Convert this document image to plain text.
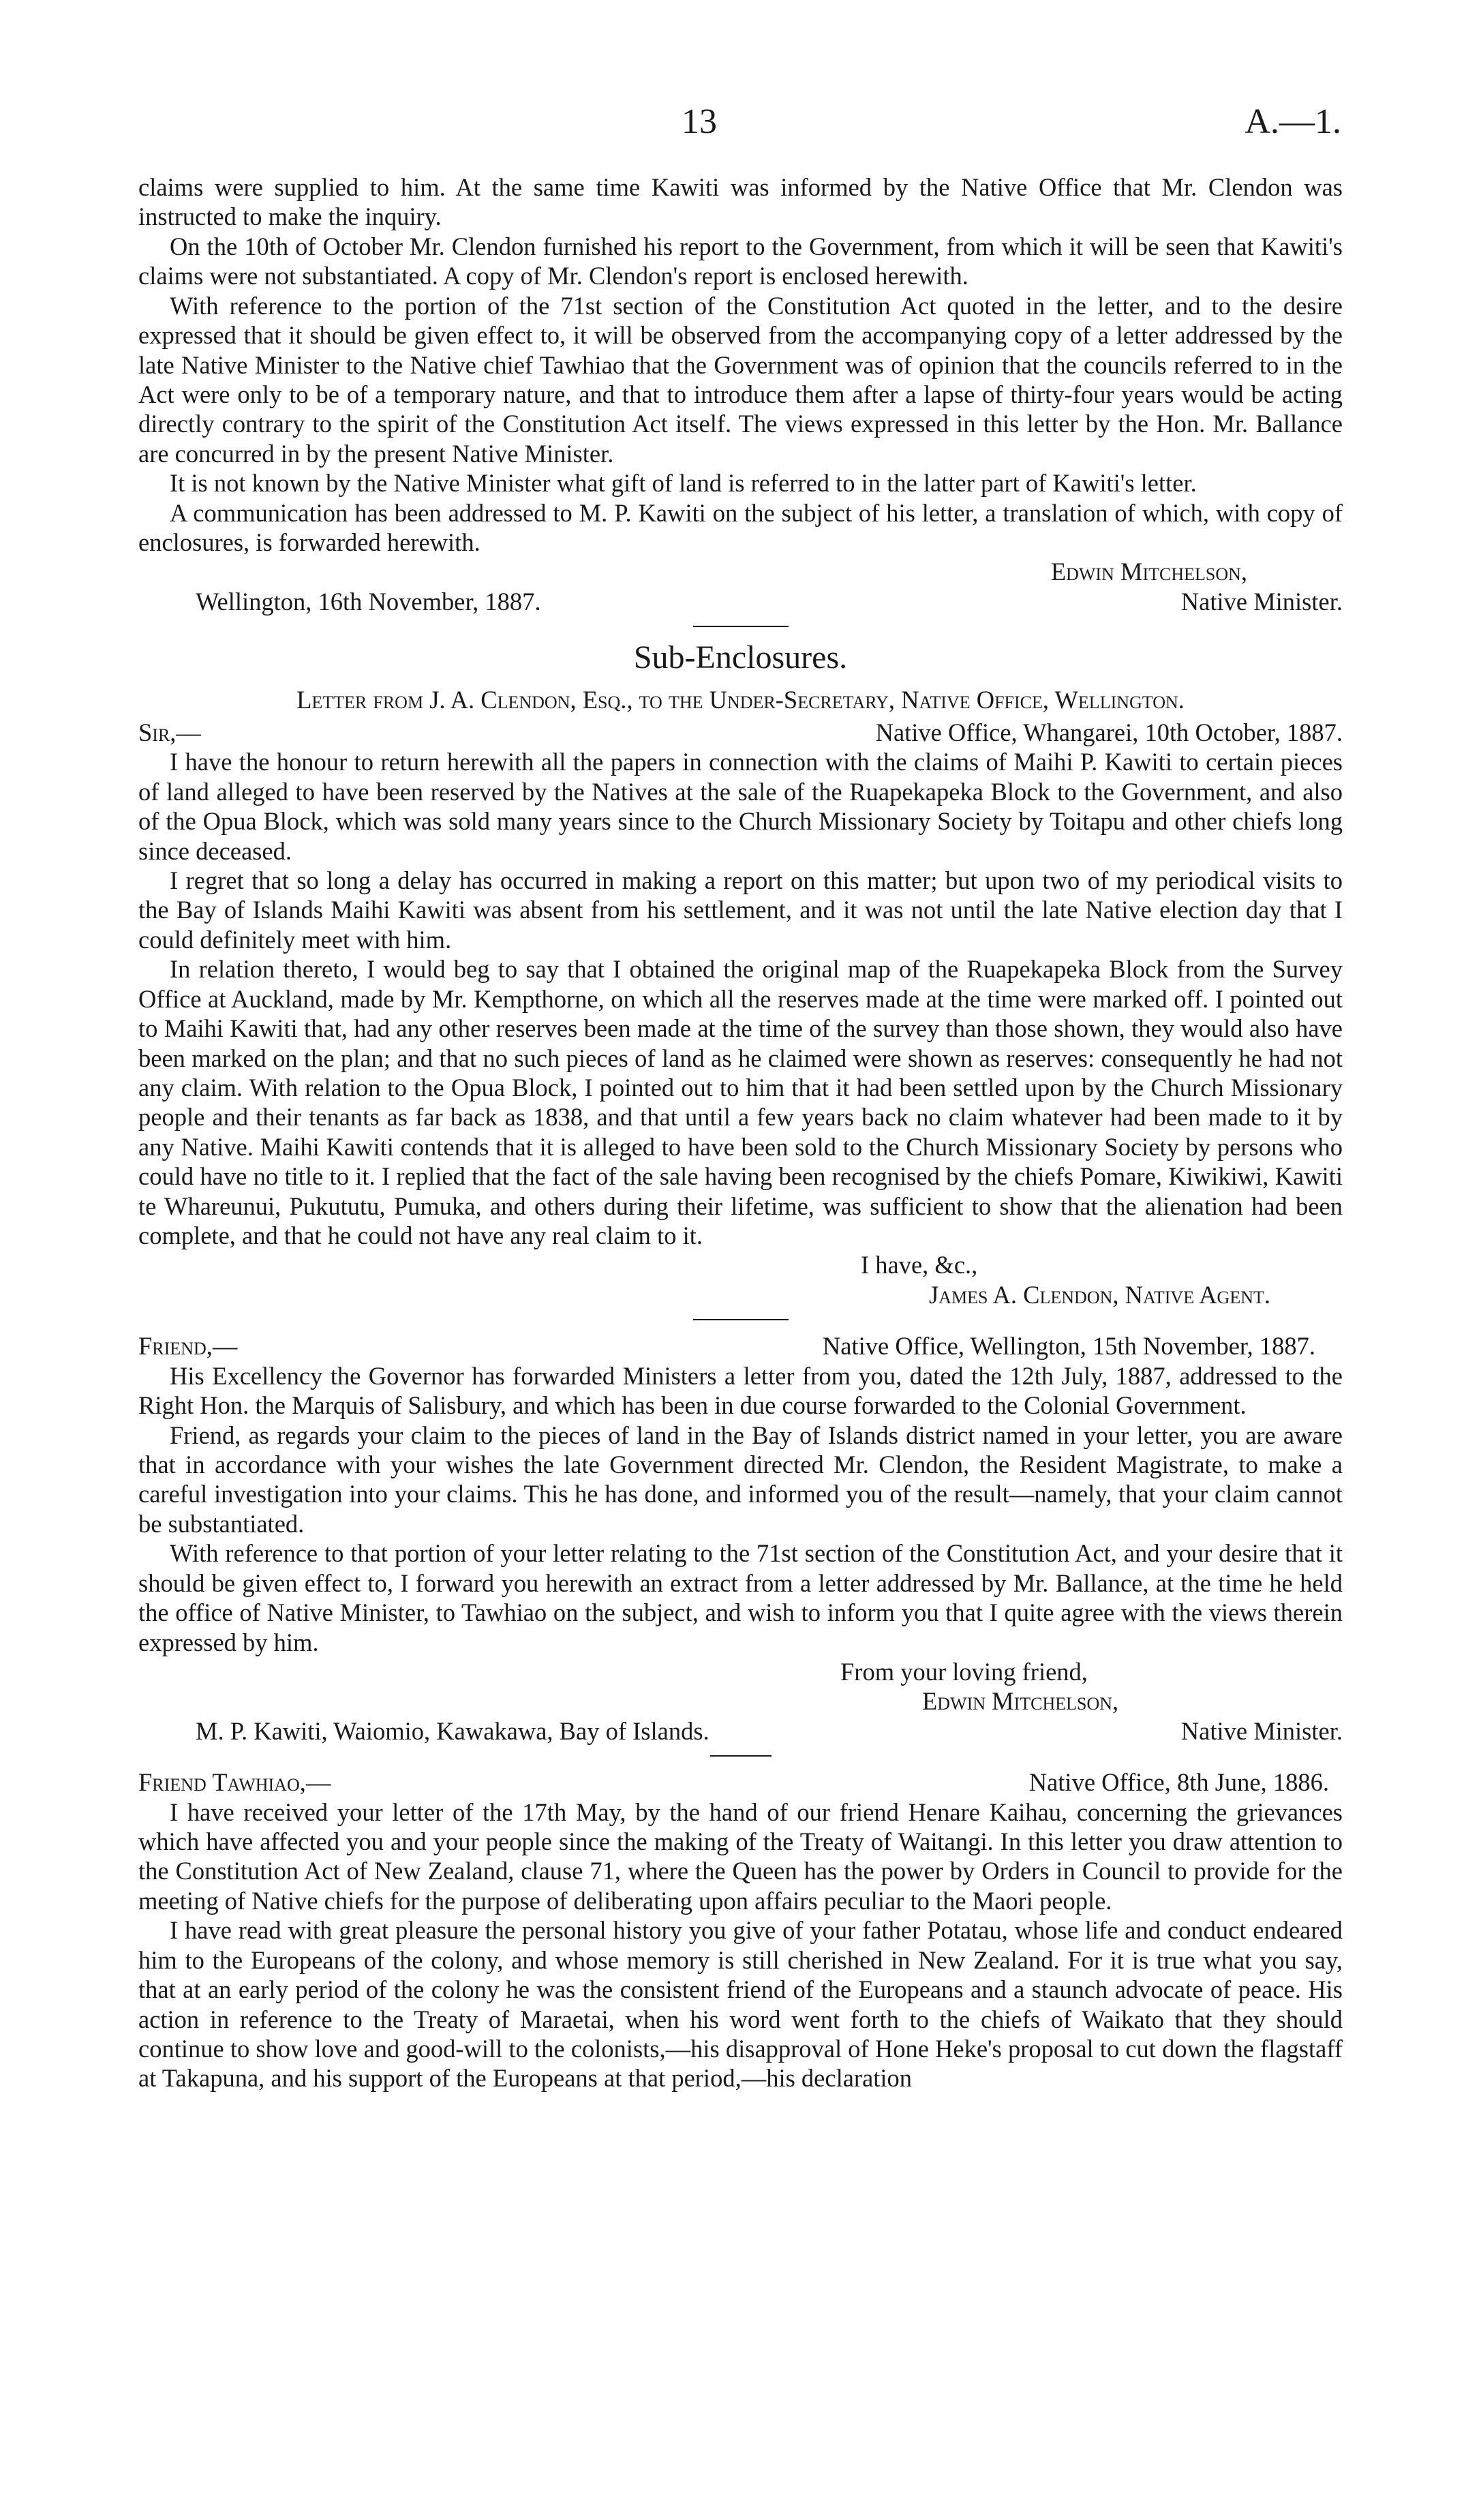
13	A.—1.

claims were supplied to him. At the same time Kawiti was informed by the Native Office that Mr. Clendon was instructed to make the inquiry.

On the 10th of October Mr. Clendon furnished his report to the Government, from which it will be seen that Kawiti's claims were not substantiated. A copy of Mr. Clendon's report is enclosed herewith.

With reference to the portion of the 71st section of the Constitution Act quoted in the letter, and to the desire expressed that it should be given effect to, it will be observed from the accompanying copy of a letter addressed by the late Native Minister to the Native chief Tawhiao that the Government was of opinion that the councils referred to in the Act were only to be of a temporary nature, and that to introduce them after a lapse of thirty-four years would be acting directly contrary to the spirit of the Constitution Act itself. The views expressed in this letter by the Hon. Mr. Ballance are concurred in by the present Native Minister.

It is not known by the Native Minister what gift of land is referred to in the latter part of Kawiti's letter.

A communication has been addressed to M. P. Kawiti on the subject of his letter, a translation of which, with copy of enclosures, is forwarded herewith.

Edwin Mitchelson,
Wellington, 16th November, 1887.	Native Minister.
Sub-Enclosures.
Letter from J. A. Clendon, Esq., to the Under-Secretary, Native Office, Wellington.
Sir,—	Native Office, Whangarei, 10th October, 1887.

I have the honour to return herewith all the papers in connection with the claims of Maihi P. Kawiti to certain pieces of land alleged to have been reserved by the Natives at the sale of the Ruapekapeka Block to the Government, and also of the Opua Block, which was sold many years since to the Church Missionary Society by Toitapu and other chiefs long since deceased.

I regret that so long a delay has occurred in making a report on this matter; but upon two of my periodical visits to the Bay of Islands Maihi Kawiti was absent from his settlement, and it was not until the late Native election day that I could definitely meet with him.

In relation thereto, I would beg to say that I obtained the original map of the Ruapekapeka Block from the Survey Office at Auckland, made by Mr. Kempthorne, on which all the reserves made at the time were marked off. I pointed out to Maihi Kawiti that, had any other reserves been made at the time of the survey than those shown, they would also have been marked on the plan; and that no such pieces of land as he claimed were shown as reserves: consequently he had not any claim. With relation to the Opua Block, I pointed out to him that it had been settled upon by the Church Missionary people and their tenants as far back as 1838, and that until a few years back no claim whatever had been made to it by any Native. Maihi Kawiti contends that it is alleged to have been sold to the Church Missionary Society by persons who could have no title to it. I replied that the fact of the sale having been recognised by the chiefs Pomare, Kiwikiwi, Kawiti te Whareunui, Pukututu, Pumuka, and others during their lifetime, was sufficient to show that the alienation had been complete, and that he could not have any real claim to it.

I have, &c.,
James A. Clendon, Native Agent.
Friend,—	Native Office, Wellington, 15th November, 1887.

His Excellency the Governor has forwarded Ministers a letter from you, dated the 12th July, 1887, addressed to the Right Hon. the Marquis of Salisbury, and which has been in due course forwarded to the Colonial Government.

Friend, as regards your claim to the pieces of land in the Bay of Islands district named in your letter, you are aware that in accordance with your wishes the late Government directed Mr. Clendon, the Resident Magistrate, to make a careful investigation into your claims. This he has done, and informed you of the result—namely, that your claim cannot be substantiated.

With reference to that portion of your letter relating to the 71st section of the Constitution Act, and your desire that it should be given effect to, I forward you herewith an extract from a letter addressed by Mr. Ballance, at the time he held the office of Native Minister, to Tawhiao on the subject, and wish to inform you that I quite agree with the views therein expressed by him.

From your loving friend,
Edwin Mitchelson,
M. P. Kawiti, Waiomio, Kawakawa, Bay of Islands.	Native Minister.
Friend Tawhiao,—	Native Office, 8th June, 1886.

I have received your letter of the 17th May, by the hand of our friend Henare Kaihau, concerning the grievances which have affected you and your people since the making of the Treaty of Waitangi. In this letter you draw attention to the Constitution Act of New Zealand, clause 71, where the Queen has the power by Orders in Council to provide for the meeting of Native chiefs for the purpose of deliberating upon affairs peculiar to the Maori people.

I have read with great pleasure the personal history you give of your father Potatau, whose life and conduct endeared him to the Europeans of the colony, and whose memory is still cherished in New Zealand. For it is true what you say, that at an early period of the colony he was the consistent friend of the Europeans and a staunch advocate of peace. His action in reference to the Treaty of Maraetai, when his word went forth to the chiefs of Waikato that they should continue to show love and good-will to the colonists,—his disapproval of Hone Heke's proposal to cut down the flagstaff at Takapuna, and his support of the Europeans at that period,—his declaration
